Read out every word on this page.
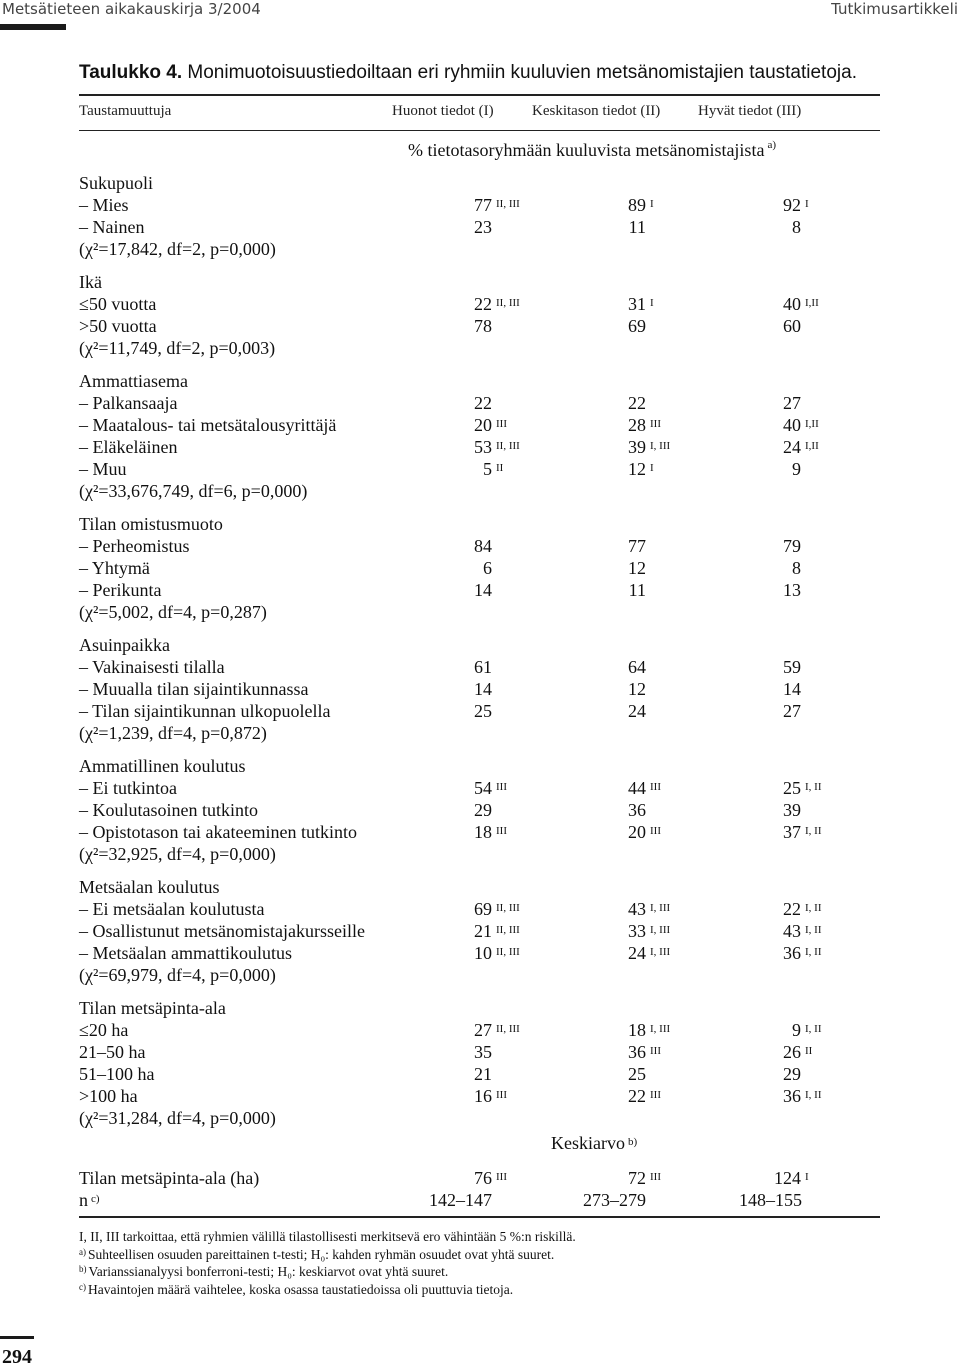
Metsätieteen aikakauskirja 3/2004	Tutkimusartikkeli
Taulukko 4. Monimuotoisuustiedoiltaan eri ryhmiin kuuluvien metsänomistajien taustatietoja.
Taustamuuttuja	Huonot tiedot (I)	Keskitason tiedot (II)	Hyvät tiedot (III)
% tietotasoryhmään kuuluvista metsänomistajista $^{a)}$
Sukupuoli
– Mies	77 $^{II, III}$	89 $^I$	92 $^I$
– Nainen	23	11	8
(χ²=17,842, df=2, p=0,000)
Ikä
≤50 vuotta	22 $^{II, III}$	31 $^I$	40 $^{I,II}$
>50 vuotta	78	69	60
(χ²=11,749, df=2, p=0,003)
Ammattiasema
– Palkansaaja	22	22	27
– Maatalous- tai metsätalousyrittäjä	20 $^{III}$	28 $^{III}$	40 $^{I,II}$
– Eläkeläinen	53 $^{II, III}$	39 $^{I, III}$	24 $^{I,II}$
– Muu	5 $^{II}$	12 $^I$	9
(χ²=33,676,749, df=6, p=0,000)
Tilan omistusmuoto
– Perheomistus	84	77	79
– Yhtymä	6	12	8
– Perikunta	14	11	13
(χ²=5,002, df=4, p=0,287)
Asuinpaikka
– Vakinaisesti tilalla	61	64	59
– Muualla tilan sijaintikunnassa	14	12	14
– Tilan sijaintikunnan ulkopuolella	25	24	27
(χ²=1,239, df=4, p=0,872)
Ammatillinen koulutus
– Ei tutkintoa	54 $^{III}$	44 $^{III}$	25 $^{I, II}$
– Koulutasoinen tutkinto	29	36	39
– Opistotason tai akateeminen tutkinto	18 $^{III}$	20 $^{III}$	37 $^{I, II}$
(χ²=32,925, df=4, p=0,000)
Metsäalan koulutus
– Ei metsäalan koulutusta	69 $^{II, III}$	43 $^{I, III}$	22 $^{I, II}$
– Osallistunut metsänomistajakursseille	21 $^{II, III}$	33 $^{I, III}$	43 $^{I, II}$
– Metsäalan ammattikoulutus	10 $^{II, III}$	24 $^{I, III}$	36 $^{I, II}$
(χ²=69,979, df=4, p=0,000)
Tilan metsäpinta-ala
≤20 ha	27 $^{II, III}$	18 $^{I, III}$	9 $^{I, II}$
21–50 ha	35	36 $^{III}$	26 $^{II}$
51–100 ha	21	25	29
>100 ha	16 $^{III}$	22 $^{III}$	36 $^{I, II}$
(χ²=31,284, df=4, p=0,000)
Keskiarvo $^{b)}$
Tilan metsäpinta-ala (ha)	76 $^{III}$	72 $^{III}$	124 $^I$
n $^{c)}$	142–147	273–279	148–155
I, II, III tarkoittaa, että ryhmien välillä tilastollisesti merkitsevä ero vähintään 5 %:n riskillä.
$^{a)}$ Suhteellisen osuuden pareittainen t-testi; H₀: kahden ryhmän osuudet ovat yhtä suuret.
$^{b)}$ Varianssianalyysi bonferroni-testi; H₀: keskiarvot ovat yhtä suuret.
$^{c)}$ Havaintojen määrä vaihtelee, koska osassa taustatiedoissa oli puuttuvia tietoja.
294
